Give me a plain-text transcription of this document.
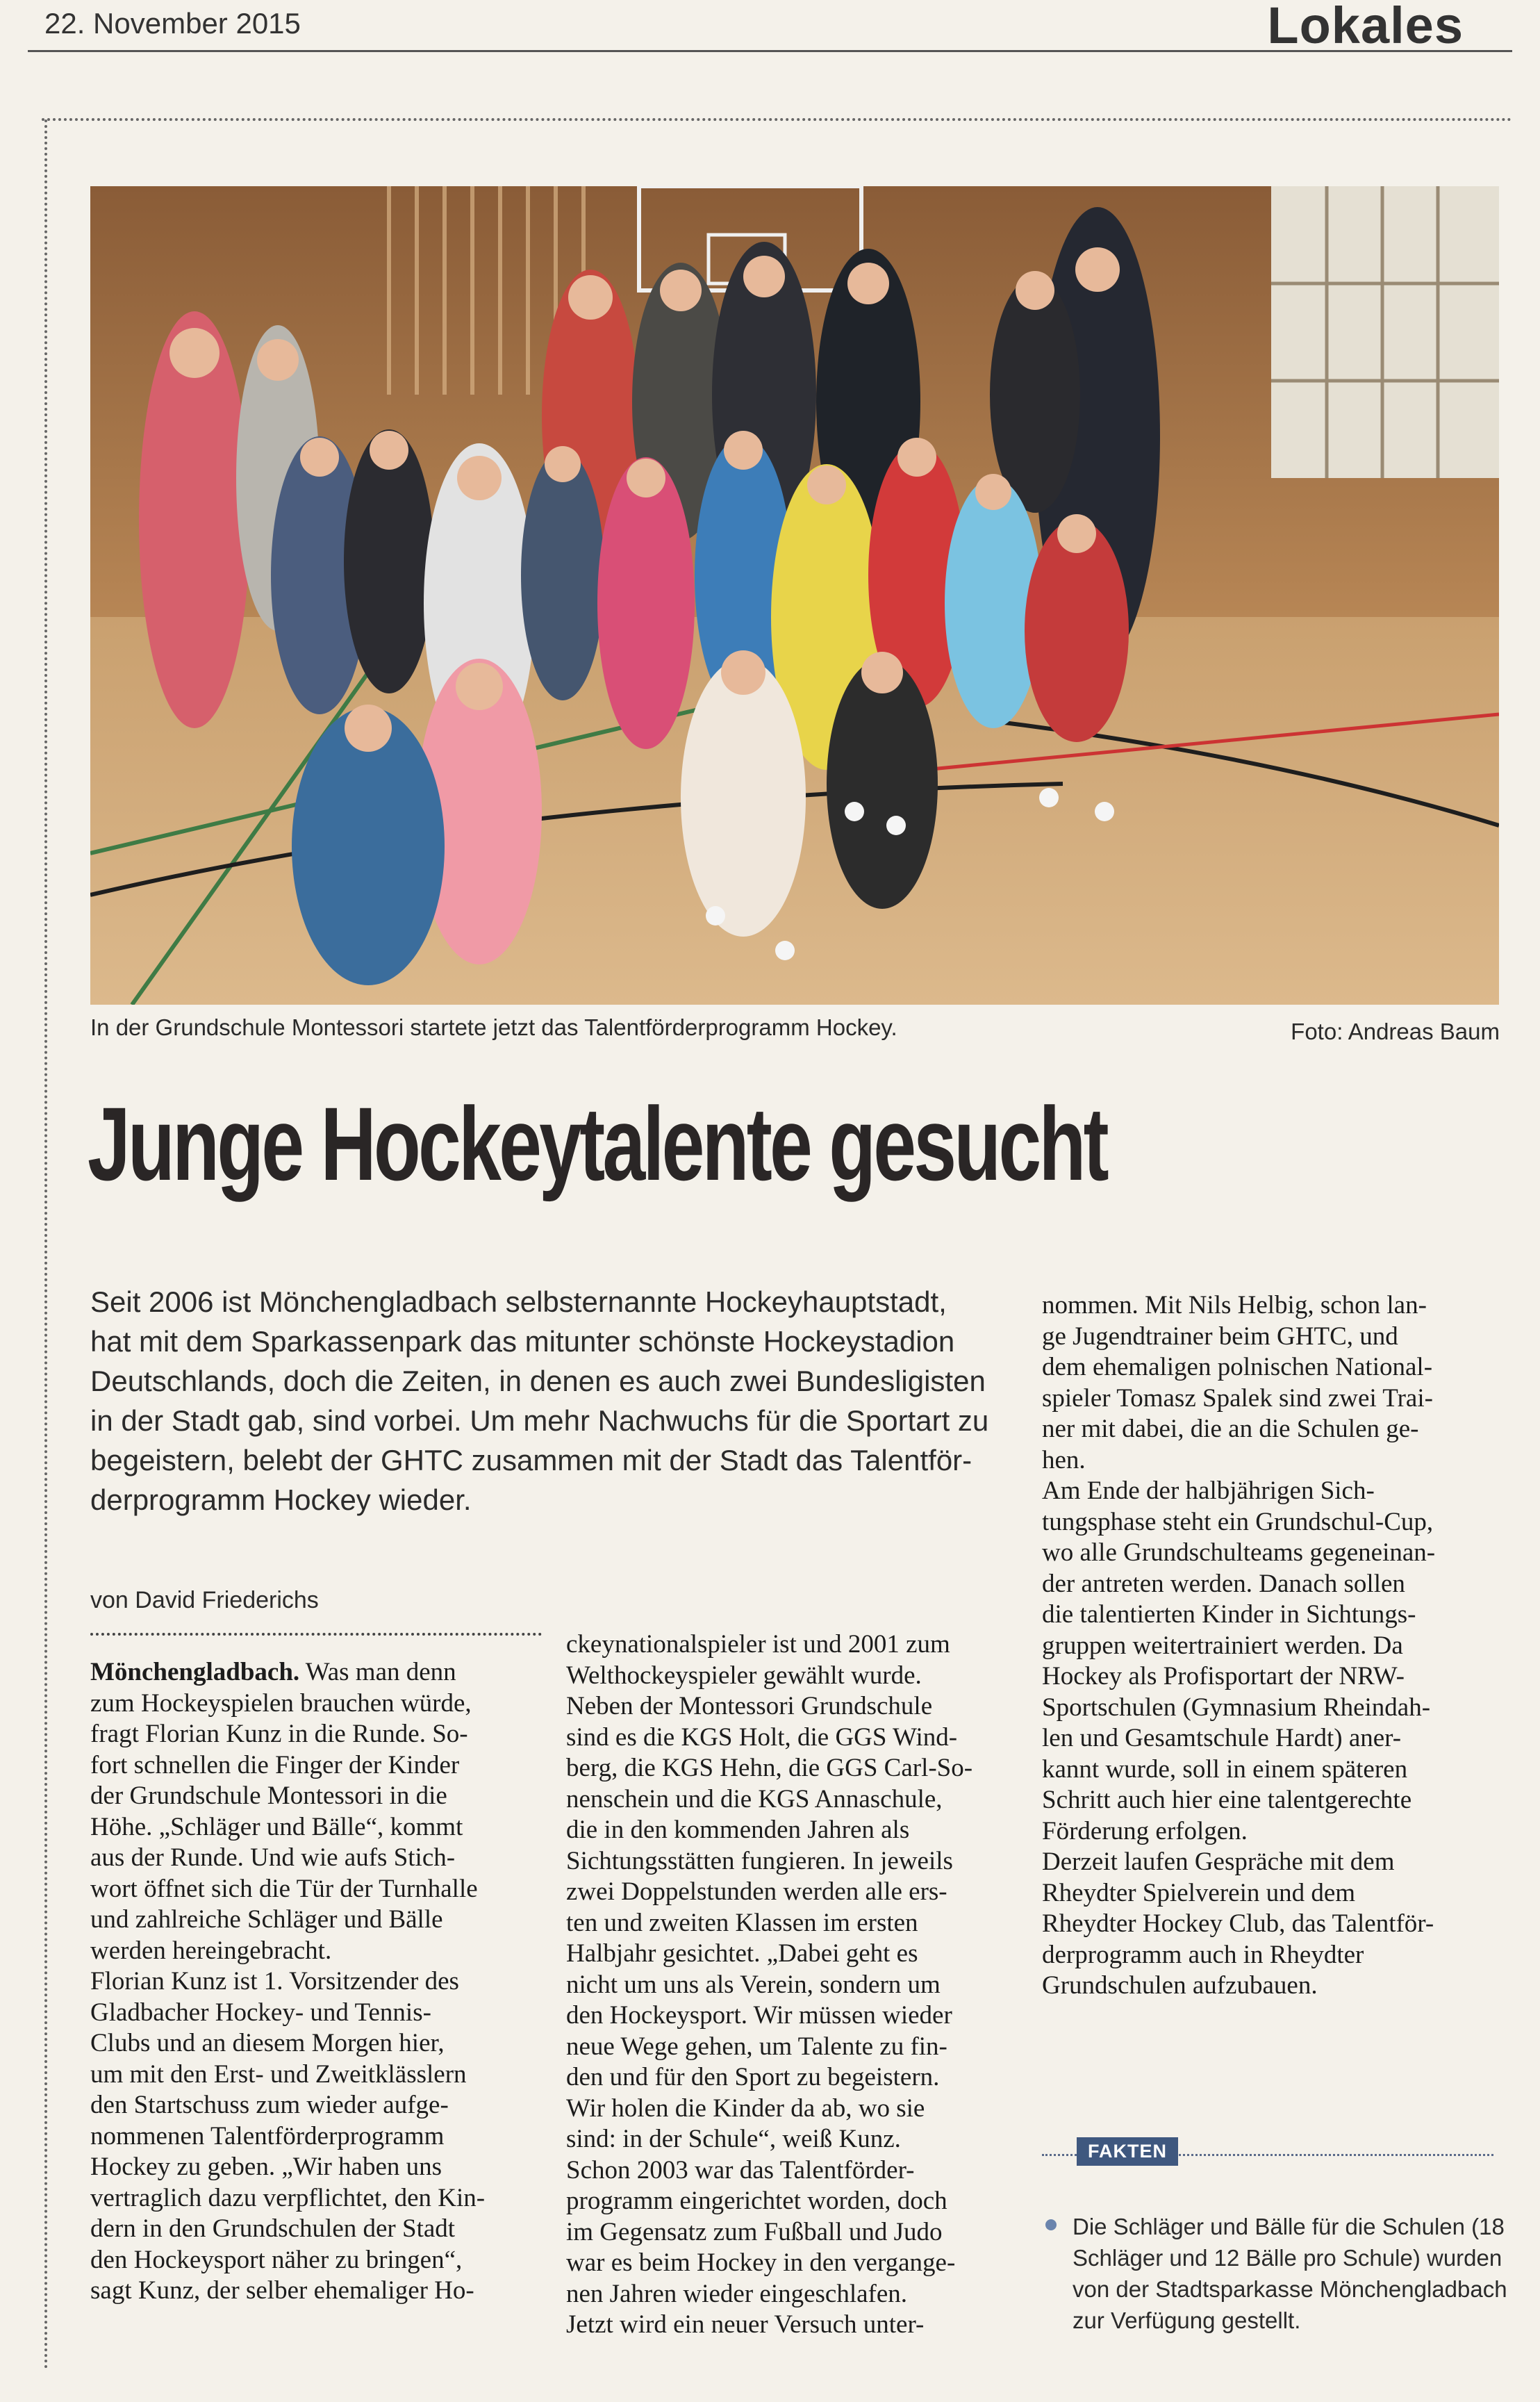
22. November 2015	Lokales
In der Grundschule Montessori startete jetzt das Talentförderprogramm Hockey.	Foto: Andreas Baum
Junge Hockeytalente gesucht
Seit 2006 ist Mönchengladbach selbsternannte Hockeyhauptstadt,
hat mit dem Sparkassenpark das mitunter schönste Hockeystadion
Deutschlands, doch die Zeiten, in denen es auch zwei Bundesligisten
in der Stadt gab, sind vorbei. Um mehr Nachwuchs für die Sportart zu
begeistern, belebt der GHTC zusammen mit der Stadt das Talentför-
derprogramm Hockey wieder.
von David Friederichs
Mönchengladbach. Was man denn
zum Hockeyspielen brauchen würde,
fragt Florian Kunz in die Runde. So-
fort schnellen die Finger der Kinder
der Grundschule Montessori in die
Höhe. „Schläger und Bälle“, kommt
aus der Runde. Und wie aufs Stich-
wort öffnet sich die Tür der Turnhalle
und zahlreiche Schläger und Bälle
werden hereingebracht.
Florian Kunz ist 1. Vorsitzender des
Gladbacher Hockey- und Tennis-
Clubs und an diesem Morgen hier,
um mit den Erst- und Zweitklässlern
den Startschuss zum wieder aufge-
nommenen Talentförderprogramm
Hockey zu geben. „Wir haben uns
vertraglich dazu verpflichtet, den Kin-
dern in den Grundschulen der Stadt
den Hockeysport näher zu bringen“,
sagt Kunz, der selber ehemaliger Ho-
ckeynationalspieler ist und 2001 zum
Welthockeyspieler gewählt wurde.
Neben der Montessori Grundschule
sind es die KGS Holt, die GGS Wind-
berg, die KGS Hehn, die GGS Carl-So-
nenschein und die KGS Annaschule,
die in den kommenden Jahren als
Sichtungsstätten fungieren. In jeweils
zwei Doppelstunden werden alle ers-
ten und zweiten Klassen im ersten
Halbjahr gesichtet. „Dabei geht es
nicht um uns als Verein, sondern um
den Hockeysport. Wir müssen wieder
neue Wege gehen, um Talente zu fin-
den und für den Sport zu begeistern.
Wir holen die Kinder da ab, wo sie
sind: in der Schule“, weiß Kunz.
Schon 2003 war das Talentförder-
programm eingerichtet worden, doch
im Gegensatz zum Fußball und Judo
war es beim Hockey in den vergange-
nen Jahren wieder eingeschlafen.
Jetzt wird ein neuer Versuch unter-
nommen. Mit Nils Helbig, schon lan-
ge Jugendtrainer beim GHTC, und
dem ehemaligen polnischen National-
spieler Tomasz Spalek sind zwei Trai-
ner mit dabei, die an die Schulen ge-
hen.
Am Ende der halbjährigen Sich-
tungsphase steht ein Grundschul-Cup,
wo alle Grundschulteams gegeneinan-
der antreten werden. Danach sollen
die talentierten Kinder in Sichtungs-
gruppen weitertrainiert werden. Da
Hockey als Profisportart der NRW-
Sportschulen (Gymnasium Rheindah-
len und Gesamtschule Hardt) aner-
kannt wurde, soll in einem späteren
Schritt auch hier eine talentgerechte
Förderung erfolgen.
Derzeit laufen Gespräche mit dem
Rheydter Spielverein und dem
Rheydter Hockey Club, das Talentför-
derprogramm auch in Rheydter
Grundschulen aufzubauen.
FAKTEN
Die Schläger und Bälle für die Schulen (18
Schläger und 12 Bälle pro Schule) wurden
von der Stadtsparkasse Mönchengladbach
zur Verfügung gestellt.
